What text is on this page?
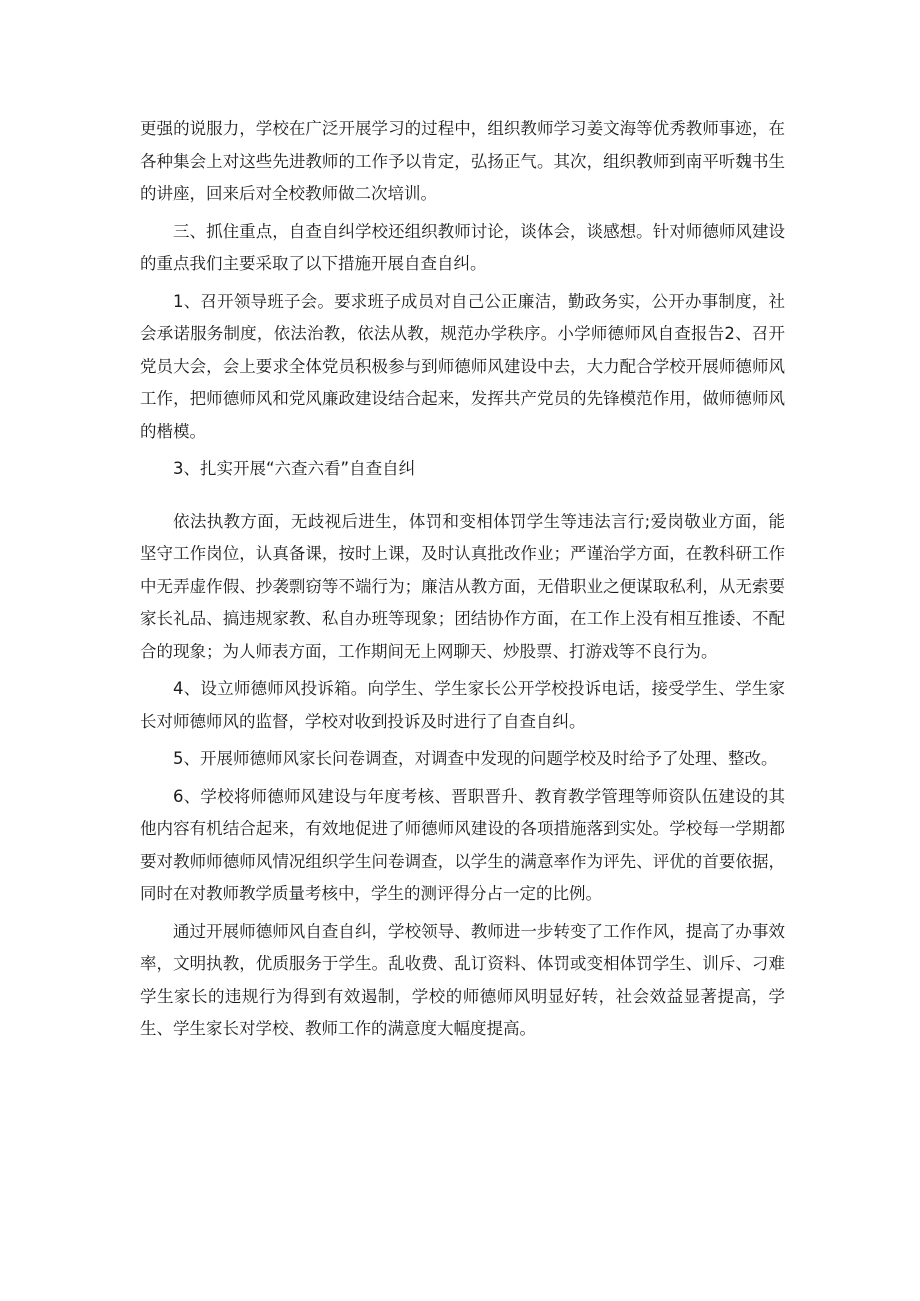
更强的说服力，学校在广泛开展学习的过程中，组织教师学习姜文海等优秀教师事迹，在各种集会上对这些先进教师的工作予以肯定，弘扬正气。其次，组织教师到南平听魏书生的讲座，回来后对全校教师做二次培训。

三、抓住重点，自查自纠学校还组织教师讨论，谈体会，谈感想。针对师德师风建设的重点我们主要采取了以下措施开展自查自纠。

1、召开领导班子会。要求班子成员对自己公正廉洁，勤政务实，公开办事制度，社会承诺服务制度，依法治教，依法从教，规范办学秩序。小学师德师风自查报告2、召开党员大会，会上要求全体党员积极参与到师德师风建设中去，大力配合学校开展师德师风工作，把师德师风和党风廉政建设结合起来，发挥共产党员的先锋模范作用，做师德师风的楷模。

3、扎实开展“六查六看”自查自纠

依法执教方面，无歧视后进生，体罚和变相体罚学生等违法言行;爱岗敬业方面，能坚守工作岗位，认真备课，按时上课，及时认真批改作业；严谨治学方面，在教科研工作中无弄虚作假、抄袭剽窃等不端行为；廉洁从教方面，无借职业之便谋取私利，从无索要家长礼品、搞违规家教、私自办班等现象；团结协作方面，在工作上没有相互推诿、不配合的现象；为人师表方面，工作期间无上网聊天、炒股票、打游戏等不良行为。

4、设立师德师风投诉箱。向学生、学生家长公开学校投诉电话，接受学生、学生家长对师德师风的监督，学校对收到投诉及时进行了自查自纠。

5、开展师德师风家长问卷调查，对调查中发现的问题学校及时给予了处理、整改。

6、学校将师德师风建设与年度考核、晋职晋升、教育教学管理等师资队伍建设的其他内容有机结合起来，有效地促进了师德师风建设的各项措施落到实处。学校每一学期都要对教师师德师风情况组织学生问卷调查，以学生的满意率作为评先、评优的首要依据，同时在对教师教学质量考核中，学生的测评得分占一定的比例。

通过开展师德师风自查自纠，学校领导、教师进一步转变了工作作风，提高了办事效率，文明执教，优质服务于学生。乱收费、乱订资料、体罚或变相体罚学生、训斥、刁难学生家长的违规行为得到有效遏制，学校的师德师风明显好转，社会效益显著提高，学生、学生家长对学校、教师工作的满意度大幅度提高。
